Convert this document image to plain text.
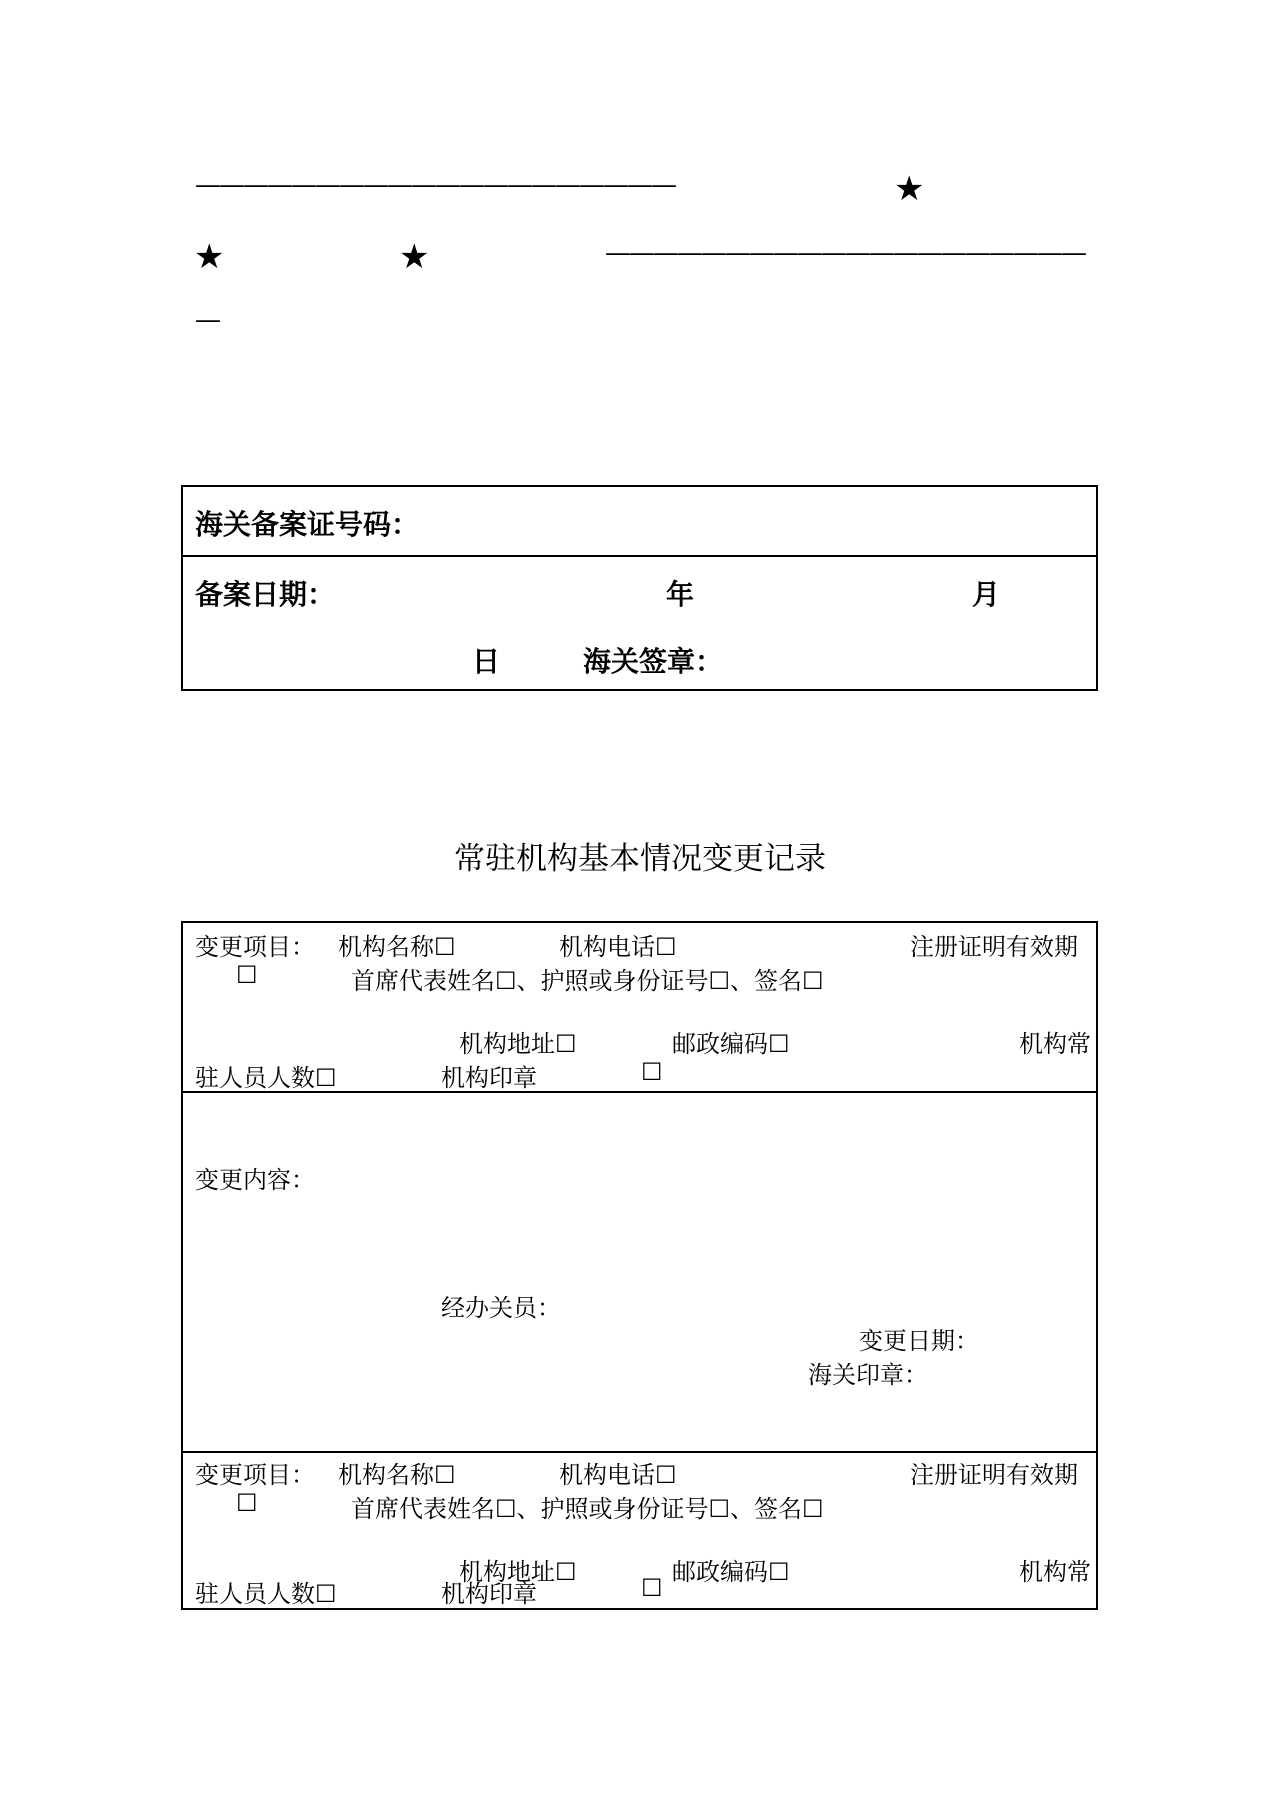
————————————————————	★
★	★	————————————————————
—
海关备案证号码：
备案日期：	年	月
日	海关签章：
常驻机构基本情况变更记录
变更项目： 机构名称☐	机构电话☐	注册证明有效期
☐	首席代表姓名☐、护照或身份证号☐、签名☐
机构地址☐	邮政编码☐	机构常
驻人员人数☐	机构印章	☐
变更内容：
经办关员：
变更日期：
海关印章：
变更项目： 机构名称☐	机构电话☐	注册证明有效期
☐	首席代表姓名☐、护照或身份证号☐、签名☐
机构地址☐	邮政编码☐	机构常
驻人员人数☐	机构印章	☐
